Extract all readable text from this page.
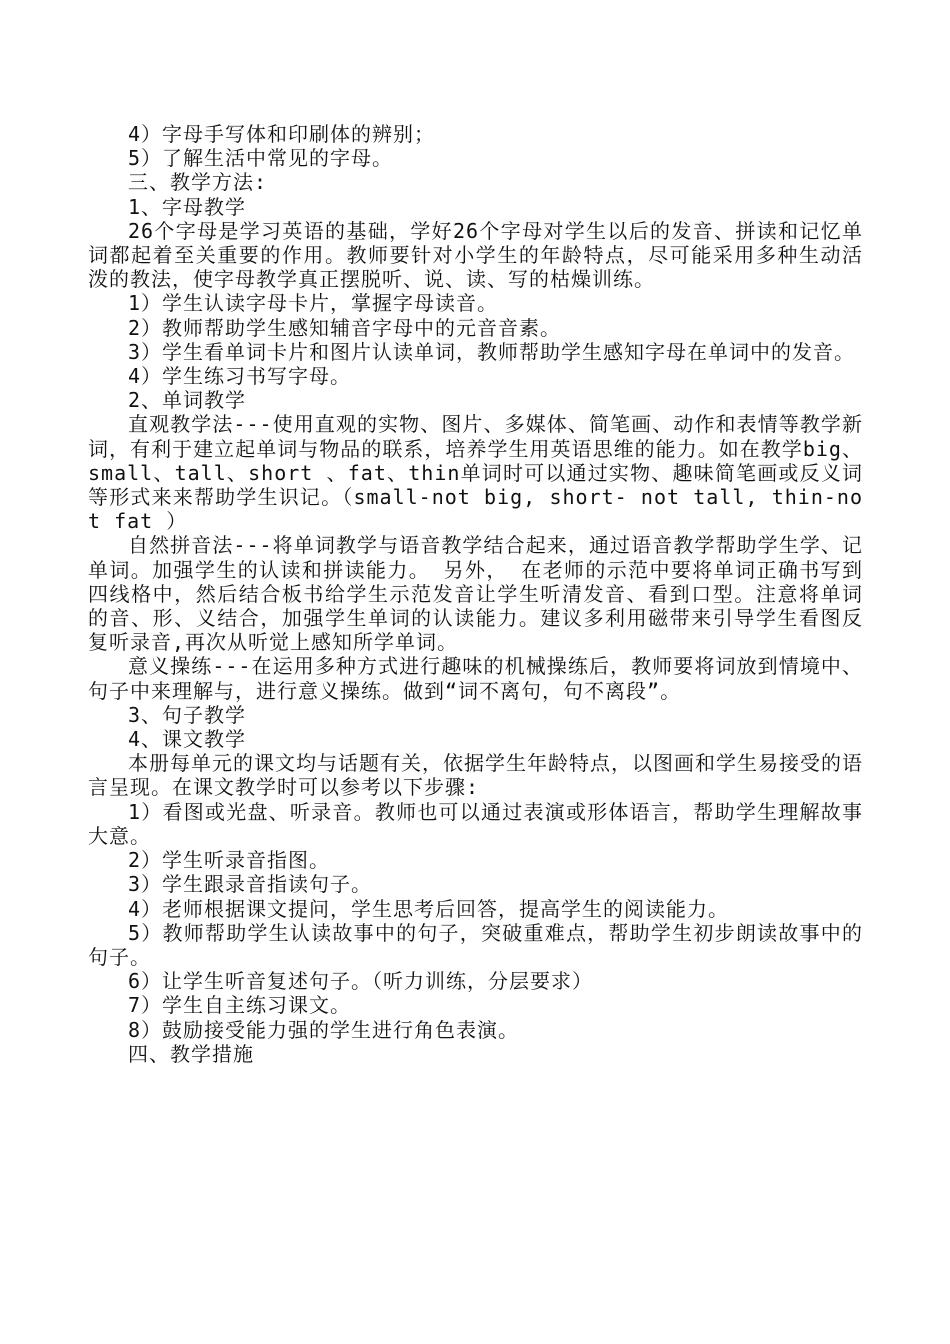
4）字母手写体和印刷体的辨别；

5）了解生活中常见的字母。

三、教学方法:

1、字母教学

26个字母是学习英语的基础，学好26个字母对学生以后的发音、拼读和记忆单词都起着至关重要的作用。教师要针对小学生的年龄特点，尽可能采用多种生动活泼的教法，使字母教学真正摆脱听、说、读、写的枯燥训练。

1）学生认读字母卡片，掌握字母读音。

2）教师帮助学生感知辅音字母中的元音音素。

3）学生看单词卡片和图片认读单词，教师帮助学生感知字母在单词中的发音。

4）学生练习书写字母。

2、单词教学

直观教学法---使用直观的实物、图片、多媒体、简笔画、动作和表情等教学新词，有利于建立起单词与物品的联系，培养学生用英语思维的能力。如在教学big、small、tall、short 、fat、thin单词时可以通过实物、趣味简笔画或反义词等形式来来帮助学生识记。（small-not big, short- not tall, thin-not fat ）

自然拼音法---将单词教学与语音教学结合起来，通过语音教学帮助学生学、记单词。加强学生的认读和拼读能力。 另外， 在老师的示范中要将单词正确书写到四线格中，然后结合板书给学生示范发音让学生听清发音、看到口型。注意将单词的音、形、义结合，加强学生单词的认读能力。建议多利用磁带来引导学生看图反复听录音,再次从听觉上感知所学单词。

意义操练---在运用多种方式进行趣味的机械操练后，教师要将词放到情境中、句子中来理解与，进行意义操练。做到“词不离句，句不离段”。

3、句子教学

4、课文教学

本册每单元的课文均与话题有关，依据学生年龄特点，以图画和学生易接受的语言呈现。在课文教学时可以参考以下步骤:

1）看图或光盘、听录音。教师也可以通过表演或形体语言，帮助学生理解故事大意。

2）学生听录音指图。

3）学生跟录音指读句子。

4）老师根据课文提问，学生思考后回答，提高学生的阅读能力。

5）教师帮助学生认读故事中的句子，突破重难点，帮助学生初步朗读故事中的句子。

6）让学生听音复述句子。（听力训练，分层要求）

7）学生自主练习课文。

8）鼓励接受能力强的学生进行角色表演。

四、教学措施
